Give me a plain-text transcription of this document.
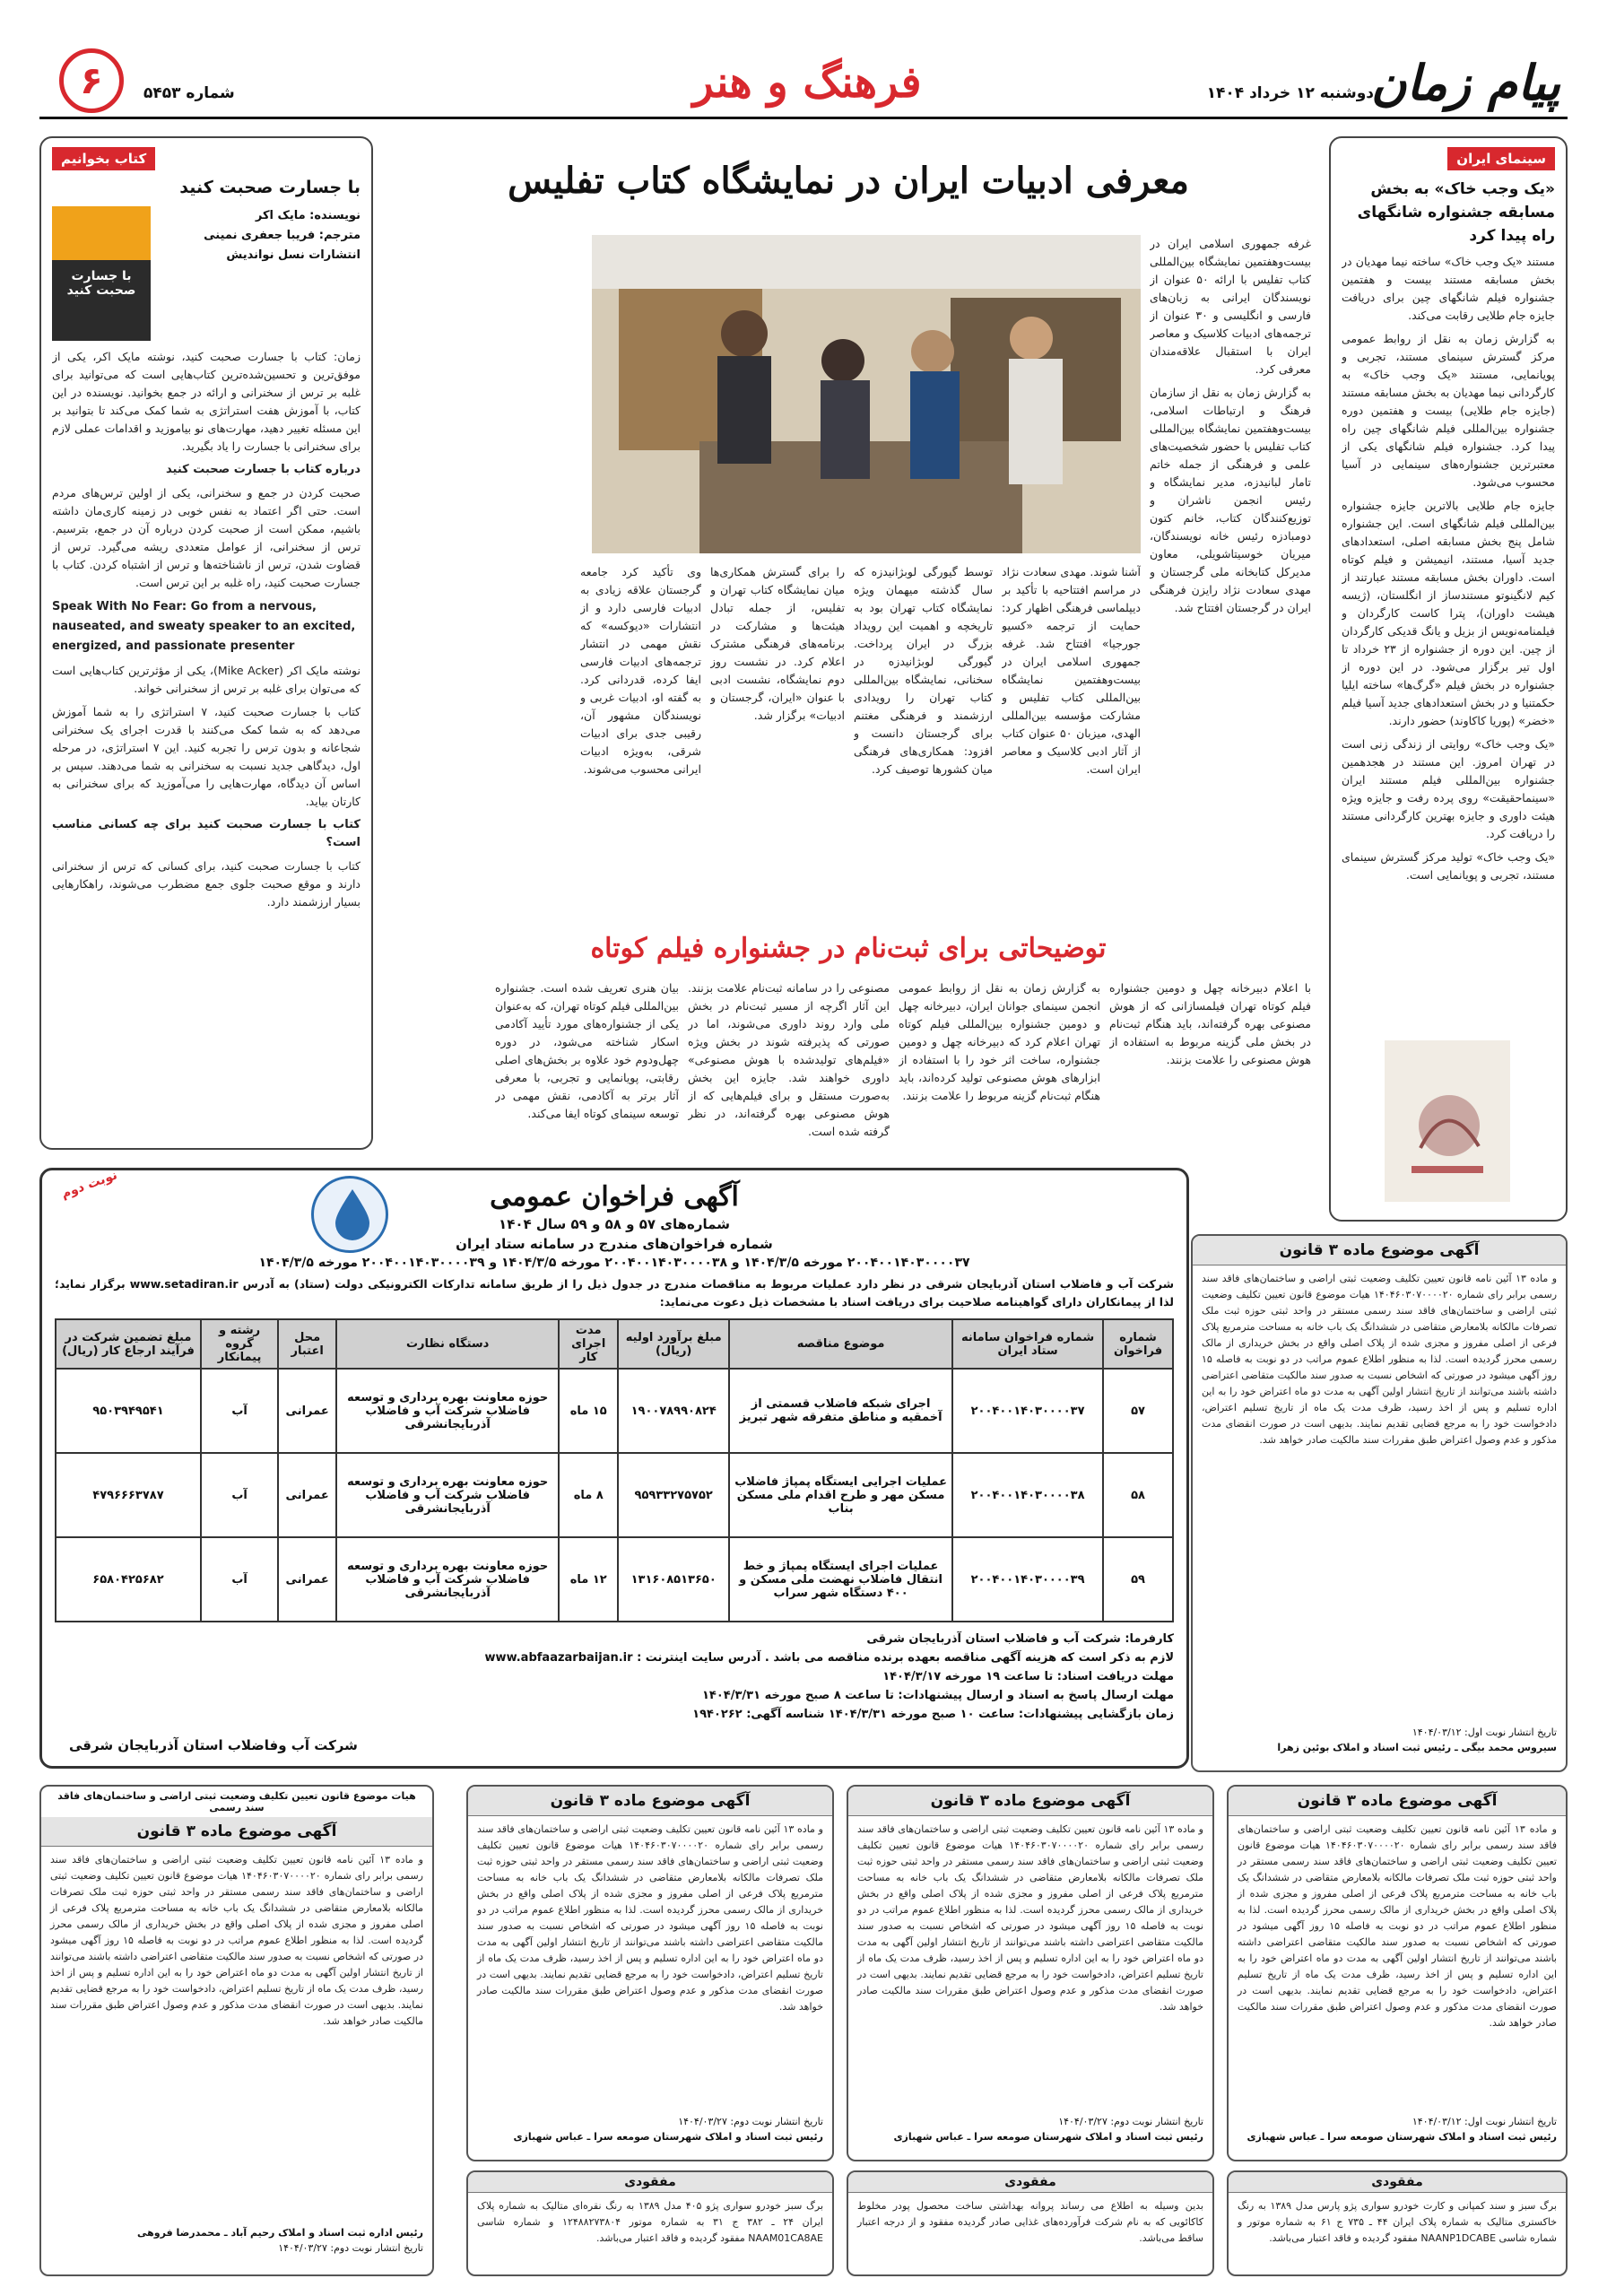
پیام زمان
دوشنبه ۱۲ خرداد ۱۴۰۴
فرهنگ و هنر
شماره ۵۴۵۳
۶
سینمای ایران
«یک وجب خاک» به بخش مسابقه جشنواره شانگهای راه پیدا کرد

مستند «یک وجب خاک» ساخته نیما مهدیان در بخش مسابقه مستند بیست و هفتمین جشنواره فیلم شانگهای چین برای دریافت جایزه جام طلایی رقابت می‌کند.

به گزارش زمان به نقل از روابط عمومی مرکز گسترش سینمای مستند، تجربی و پویانمایی، مستند «یک وجب خاک» به کارگردانی نیما مهدیان به بخش مسابقه مستند (جایزه جام طلایی) بیست و هفتمین دوره جشنواره بین‌المللی فیلم شانگهای چین راه پیدا کرد. جشنواره فیلم شانگهای یکی از معتبرترین جشنواره‌های سینمایی در آسیا محسوب می‌شود.

جایزه جام طلایی بالاترین جایزه جشنواره بین‌المللی فیلم شانگهای است. این جشنواره شامل پنج بخش مسابقه اصلی، استعدادهای جدید آسیا، مستند، انیمیشن و فیلم کوتاه است. داوران بخش مسابقه مستند عبارتند از کیم لانگینوتو مستندساز از انگلستان، (ژیسه هیشت داوران)، پترا کاست کارگردان و فیلمنامه‌نویس از بزیل و یانگ قدیکی کارگردان از چین. این دوره از جشنواره از ۲۳ خرداد تا اول تیر برگزار می‌شود. در این دوره از جشنواره در بخش فیلم «گرگ‌ها» ساخته ایلیا حکمتنیا و در بخش استعدادهای جدید آسیا فیلم «خضر» (پوریا کاکاوند) حضور دارند.

«یک وجب خاک» روایتی از زندگی زنی است در تهران امروز. این مستند در هجدهمین جشنواره بین‌المللی فیلم مستند ایران «سینماحقیقت» روی پرده رفت و جایزه ویژه هیئت داوری و جایزه بهترین کارگردانی مستند را دریافت کرد.

«یک وجب خاک» تولید مرکز گسترش سینمای مستند، تجربی و پویانمایی است.

کتاب بخوانیم
با جسارت صحبت کنید
نویسنده: مایک اکر
مترجم: فریبا جعفری نمینی
انتشارات نسل نواندیش
با جسارت صحبت کنید

زمان: کتاب با جسارت صحبت کنید، نوشته مایک اکر، یکی از موفق‌ترین و تحسین‌شده‌ترین کتاب‌هایی است که می‌توانید برای غلبه بر ترس از سخنرانی و ارائه در جمع بخوانید. نویسنده در این کتاب، با آموزش هفت استراتژی به شما کمک می‌کند تا بتوانید بر این مسئله تغییر دهید، مهارت‌های نو بیاموزید و اقدامات عملی لازم برای سخنرانی با جسارت را یاد بگیرید.

درباره کتاب با جسارت صحبت کنید

صحبت کردن در جمع و سخنرانی، یکی از اولین ترس‌های مردم است. حتی اگر اعتماد به نفس خوبی در زمینه کاری‌مان داشته باشیم، ممکن است از صحبت کردن درباره آن در جمع، بترسیم. ترس از سخنرانی، از عوامل متعددی ریشه می‌گیرد. ترس از قضاوت شدن، ترس از ناشناخته‌ها و ترس از اشتباه کردن. کتاب با جسارت صحبت کنید، راه غلبه بر این ترس است.

Speak With No Fear: Go from a nervous, nauseated, and sweaty speaker to an excited, energized, and passionate presenter

نوشته مایک اکر (Mike Acker)، یکی از مؤثرترین کتاب‌هایی است که می‌توان برای غلبه بر ترس از سخنرانی خواند.

کتاب با جسارت صحبت کنید، ۷ استراتژی را به شما آموزش می‌دهد که به شما کمک می‌کنند با قدرت اجرای یک سخنرانی شجاعانه و بدون ترس را تجربه کنید. این ۷ استراتژی، در مرحله اول، دیدگاهی جدید نسبت به سخنرانی به شما می‌دهند. سپس بر اساس آن دیدگاه، مهارت‌هایی را می‌آموزید که برای سخنرانی به کارتان بیاید.

کتاب با جسارت صحبت کنید برای چه کسانی مناسب است؟

کتاب با جسارت صحبت کنید، برای کسانی که ترس از سخنرانی دارند و موقع صحبت جلوی جمع مضطرب می‌شوند، راهکارهایی بسیار ارزشمند دارد.

معرفی ادبیات ایران در نمایشگاه کتاب تفلیس

غرفه جمهوری اسلامی ایران در بیست‌وهفتمین نمایشگاه بین‌المللی کتاب تفلیس با ارائه ۵۰ عنوان از نویسندگان ایرانی به زبان‌های فارسی و انگلیسی و ۳۰ عنوان از ترجمه‌های ادبیات کلاسیک و معاصر ایران با استقبال علاقه‌مندان معرفی کرد.

به گزارش زمان به نقل از سازمان فرهنگ و ارتباطات اسلامی، بیست‌وهفتمین نمایشگاه بین‌المللی کتاب تفلیس با حضور شخصیت‌های علمی و فرهنگی از جمله خاتم تامار لبانیدزه، مدیر نمایشگاه و رئیس انجمن ناشران و توزیع‌کنندگان کتاب، خانم کتون دومبادزه رئیس خانه نویسندگان، میریان خوسیتاشویلی، معاون مدیرکل کتابخانه ملی گرجستان و مهدی سعادت نژاد رایزن فرهنگی ایران در گرجستان افتتاح شد.

وی تأکید کرد جامعه گرجستان علاقه زیادی به ادبیات فارسی دارد و از انتشارات «دیوکسه» که نقش مهمی در انتشار ترجمه‌های ادبیات فارسی ایفا کرده، قدردانی کرد. به گفته او، ادبیات غربی و نویسندگان مشهور آن، رقیبی جدی برای ادبیات شرقی، به‌ویژه ادبیات ایرانی محسوب می‌شوند.

آشنا شوند. مهدی سعادت نژاد در مراسم افتتاحیه با تأکید بر دیپلماسی فرهنگی اظهار کرد: حمایت از ترجمه «کسیو جورجیا» افتتاح شد. غرفه جمهوری اسلامی ایران در بیست‌وهفتمین نمایشگاه بین‌المللی کتاب تفلیس و مشارکت مؤسسه بین‌المللی الهدی، میزبان ۵۰ عنوان کتاب از آثار ادبی کلاسیک و معاصر ایران است.

توسط گیورگی لوبژانیدزه که سال گذشته میهمان ویژه نمایشگاه کتاب تهران بود به تاریخچه و اهمیت این رویداد بزرگ در ایران پرداخت. گیورگی لوبژانیدزه در سخنانی، نمایشگاه بین‌المللی کتاب تهران را رویدادی ارزشمند و فرهنگی مغتنم برای گرجستان دانست و افزود: همکاری‌های فرهنگی میان کشورها توصیف کرد.

را برای گسترش همکاری‌ها میان نمایشگاه کتاب تهران و تفلیس، از جمله تبادل هیئت‌ها و مشارکت در برنامه‌های فرهنگی مشترک اعلام کرد. در نشست روز دوم نمایشگاه، نشست ادبی با عنوان «ایران، گرجستان و ادبیات» برگزار شد.

توضیحاتی برای ثبت‌نام در جشنواره فیلم کوتاه

با اعلام دبیرخانه چهل و دومین جشنواره فیلم کوتاه تهران فیلمسازانی که از هوش مصنوعی بهره گرفته‌اند، باید هنگام ثبت‌نام در بخش ملی گزینه مربوط به استفاده از هوش مصنوعی را علامت بزنند.

به گزارش زمان به نقل از روابط عمومی انجمن سینمای جوانان ایران، دبیرخانه چهل و دومین جشنواره بین‌المللی فیلم کوتاه تهران اعلام کرد که دبیرخانه چهل و دومین جشنواره، ساخت اثر خود را با استفاده از ابزارهای هوش مصنوعی تولید کرده‌اند، باید هنگام ثبت‌نام گزینه مربوط را علامت بزنند.

مصنوعی را در سامانه ثبت‌نام علامت بزنند. این آثار اگرچه از مسیر ثبت‌نام در بخش ملی وارد روند داوری می‌شوند، اما در صورتی که پذیرفته شوند در بخش ویژه «فیلم‌های تولیدشده با هوش مصنوعی» داوری خواهند شد. جایزه این بخش به‌صورت مستقل و برای فیلم‌هایی که از هوش مصنوعی بهره گرفته‌اند، در نظر گرفته شده است.

بیان هنری تعریف شده است. جشنواره بین‌المللی فیلم کوتاه تهران، که به‌عنوان یکی از جشنواره‌های مورد تأیید آکادمی اسکار شناخته می‌شود، در دوره چهل‌ودوم خود علاوه بر بخش‌های اصلی رقابتی، پویانمایی و تجربی، با معرفی آثار برتر به آکادمی، نقش مهمی در توسعه سینمای کوتاه ایفا می‌کند.

نوبت دوم	آگهی فراخوان عمومی
شماره‌های ۵۷ و ۵۸ و ۵۹ سال ۱۴۰۴
شماره فراخوان‌های مندرج در سامانه ستاد ایران
۲۰۰۴۰۰۱۴۰۳۰۰۰۰۳۷ مورخه ۱۴۰۴/۳/۵ و ۲۰۰۴۰۰۱۴۰۳۰۰۰۰۳۸ مورخه ۱۴۰۴/۳/۵ و ۲۰۰۴۰۰۱۴۰۳۰۰۰۰۳۹ مورخه ۱۴۰۴/۳/۵
شرکت آب و فاضلاب استان آذربایجان شرقی در نظر دارد عملیات مربوط به مناقصات مندرج در جدول ذیل را از طریق سامانه تدارکات الکترونیکی دولت (ستاد) به آدرس www.setadiran.ir برگزار نماید؛ لذا از پیمانکاران دارای گواهینامه صلاحیت برای دریافت اسناد با مشخصات ذیل دعوت می‌نماید:
شماره فراخوان	شماره فراخوان سامانه ستاد ایران	موضوع مناقصه	مبلغ برآورد اولیه (ریال)	مدت اجرای کار	دستگاه نظارت	محل اعتبار	رشته و گروه پیمانکار	مبلغ تضمین شرکت در فرآیند ارجاع کار (ریال)
۵۷	۲۰۰۴۰۰۱۴۰۳۰۰۰۰۳۷	اجرای شبکه فاضلاب قسمتی از آخمقیه و مناطق متفرقه شهر تبریز	۱۹۰۰۷۸۹۹۰۸۲۴	۱۵ ماه	حوزه معاونت بهره برداری و توسعه فاضلاب شرکت آب و فاضلاب آذربایجانشرقی	عمرانی	آب	۹۵۰۳۹۴۹۵۴۱
۵۸	۲۰۰۴۰۰۱۴۰۳۰۰۰۰۳۸	عملیات اجرایی ایستگاه پمپاژ فاضلاب مسکن مهر و طرح اقدام ملی مسکن بناب	۹۵۹۳۳۲۷۵۷۵۲	۸ ماه	حوزه معاونت بهره برداری و توسعه فاضلاب شرکت آب و فاضلاب آذربایجانشرقی	عمرانی	آب	۴۷۹۶۶۶۳۷۸۷
۵۹	۲۰۰۴۰۰۱۴۰۳۰۰۰۰۳۹	عملیات اجرای ایستگاه پمپاژ و خط انتقال فاضلاب نهضت ملی مسکن و ۴۰۰ دستگاه شهر سراب	۱۳۱۶۰۸۵۱۳۶۵۰	۱۲ ماه	حوزه معاونت بهره برداری و توسعه فاضلاب شرکت آب و فاضلاب آذربایجانشرقی	عمرانی	آب	۶۵۸۰۴۲۵۶۸۲
کارفرما: شرکت آب و فاضلاب استان آذربایجان شرقی
لازم به ذکر است که هزینه آگهی مناقصه بعهده برنده مناقصه می باشد . آدرس سایت اینترنت : www.abfaazarbaijan.ir
مهلت دریافت اسناد: تا ساعت ۱۹ مورخه ۱۴۰۴/۳/۱۷
مهلت ارسال پاسخ به اسناد و ارسال پیشنهادات: تا ساعت ۸ صبح مورخه ۱۴۰۴/۳/۳۱
زمان بازگشایی پیشنهادات: ساعت ۱۰ صبح مورخه ۱۴۰۴/۳/۳۱ شناسه آگهی: ۱۹۴۰۲۶۲
شرکت آب وفاضلاب استان آذربایجان شرقی
آگهی موضوع ماده ۳ قانون
و ماده ۱۳ آئین نامه قانون تعیین تکلیف وضعیت ثبتی اراضی و ساختمان‌های فاقد سند رسمی برابر رای شماره ۱۴۰۴۶۰۳۰۷۰۰۰۰۲۰ هیات موضوع قانون تعیین تکلیف وضعیت ثبتی اراضی و ساختمان‌های فاقد سند رسمی مستقر در واحد ثبتی حوزه ثبت ملک تصرفات مالکانه بلامعارض متقاضی در ششدانگ یک باب خانه به مساحت مترمربع پلاک فرعی از اصلی مفروز و مجزی شده از پلاک اصلی واقع در بخش خریداری از مالک رسمی محرز گردیده است. لذا به منظور اطلاع عموم مراتب در دو نوبت به فاصله ۱۵ روز آگهی میشود در صورتی که اشخاص نسبت به صدور سند مالکیت متقاضی اعتراضی داشته باشند می‌توانند از تاریخ انتشار اولین آگهی به مدت دو ماه اعتراض خود را به این اداره تسلیم و پس از اخذ رسید، ظرف مدت یک ماه از تاریخ تسلیم اعتراض، دادخواست خود را به مرجع قضایی تقدیم نمایند. بدیهی است در صورت انقضای مدت مذکور و عدم وصول اعتراض طبق مقررات سند مالکیت صادر خواهد شد.
تاریخ انتشار نوبت اول: ۱۴۰۴/۰۳/۱۲
سیروس محمد بیگی ـ رئیس ثبت اسناد و املاک بوئین زهرا
آگهی موضوع ماده ۳ قانون
و ماده ۱۳ آئین نامه قانون تعیین تکلیف وضعیت ثبتی اراضی و ساختمان‌های فاقد سند رسمی برابر رای شماره ۱۴۰۴۶۰۳۰۷۰۰۰۰۲۰ هیات موضوع قانون تعیین تکلیف وضعیت ثبتی اراضی و ساختمان‌های فاقد سند رسمی مستقر در واحد ثبتی حوزه ثبت ملک تصرفات مالکانه بلامعارض متقاضی در ششدانگ یک باب خانه به مساحت مترمربع پلاک فرعی از اصلی مفروز و مجزی شده از پلاک اصلی واقع در بخش خریداری از مالک رسمی محرز گردیده است. لذا به منظور اطلاع عموم مراتب در دو نوبت به فاصله ۱۵ روز آگهی میشود در صورتی که اشخاص نسبت به صدور سند مالکیت متقاضی اعتراضی داشته باشند می‌توانند از تاریخ انتشار اولین آگهی به مدت دو ماه اعتراض خود را به این اداره تسلیم و پس از اخذ رسید، ظرف مدت یک ماه از تاریخ تسلیم اعتراض، دادخواست خود را به مرجع قضایی تقدیم نمایند. بدیهی است در صورت انقضای مدت مذکور و عدم وصول اعتراض طبق مقررات سند مالکیت صادر خواهد شد.
تاریخ انتشار نوبت اول: ۱۴۰۴/۰۳/۱۲
رئیس ثبت اسناد و املاک شهرستان صومعه سرا ـ عباس شهبازی
مفقودی
برگ سبز و سند کمپانی و کارت خودرو سواری پژو پارس مدل ۱۳۸۹ به رنگ خاکستری متالیک به شماره پلاک ایران ۴۴ ـ ۷۳۵ ج ۶۱ به شماره موتور و شماره شاسی NAANP1DCABE مفقود گردیده و فاقد اعتبار می‌باشد.
آگهی موضوع ماده ۳ قانون
و ماده ۱۳ آئین نامه قانون تعیین تکلیف وضعیت ثبتی اراضی و ساختمان‌های فاقد سند رسمی برابر رای شماره ۱۴۰۴۶۰۳۰۷۰۰۰۰۲۰ هیات موضوع قانون تعیین تکلیف وضعیت ثبتی اراضی و ساختمان‌های فاقد سند رسمی مستقر در واحد ثبتی حوزه ثبت ملک تصرفات مالکانه بلامعارض متقاضی در ششدانگ یک باب خانه به مساحت مترمربع پلاک فرعی از اصلی مفروز و مجزی شده از پلاک اصلی واقع در بخش خریداری از مالک رسمی محرز گردیده است. لذا به منظور اطلاع عموم مراتب در دو نوبت به فاصله ۱۵ روز آگهی میشود در صورتی که اشخاص نسبت به صدور سند مالکیت متقاضی اعتراضی داشته باشند می‌توانند از تاریخ انتشار اولین آگهی به مدت دو ماه اعتراض خود را به این اداره تسلیم و پس از اخذ رسید، ظرف مدت یک ماه از تاریخ تسلیم اعتراض، دادخواست خود را به مرجع قضایی تقدیم نمایند. بدیهی است در صورت انقضای مدت مذکور و عدم وصول اعتراض طبق مقررات سند مالکیت صادر خواهد شد.
تاریخ انتشار نوبت دوم: ۱۴۰۴/۰۳/۲۷
رئیس ثبت اسناد و املاک شهرستان صومعه سرا ـ عباس شهبازی
مفقودی
بدین وسیله به اطلاع می رساند پروانه بهداشتی ساخت محصول پودر مخلوط کاکائویی که به نام شرکت فرآورده‌های غذایی صادر گردیده مفقود و از درجه اعتبار ساقط می‌باشد.
آگهی موضوع ماده ۳ قانون
و ماده ۱۳ آئین نامه قانون تعیین تکلیف وضعیت ثبتی اراضی و ساختمان‌های فاقد سند رسمی برابر رای شماره ۱۴۰۴۶۰۳۰۷۰۰۰۰۲۰ هیات موضوع قانون تعیین تکلیف وضعیت ثبتی اراضی و ساختمان‌های فاقد سند رسمی مستقر در واحد ثبتی حوزه ثبت ملک تصرفات مالکانه بلامعارض متقاضی در ششدانگ یک باب خانه به مساحت مترمربع پلاک فرعی از اصلی مفروز و مجزی شده از پلاک اصلی واقع در بخش خریداری از مالک رسمی محرز گردیده است. لذا به منظور اطلاع عموم مراتب در دو نوبت به فاصله ۱۵ روز آگهی میشود در صورتی که اشخاص نسبت به صدور سند مالکیت متقاضی اعتراضی داشته باشند می‌توانند از تاریخ انتشار اولین آگهی به مدت دو ماه اعتراض خود را به این اداره تسلیم و پس از اخذ رسید، ظرف مدت یک ماه از تاریخ تسلیم اعتراض، دادخواست خود را به مرجع قضایی تقدیم نمایند. بدیهی است در صورت انقضای مدت مذکور و عدم وصول اعتراض طبق مقررات سند مالکیت صادر خواهد شد.
تاریخ انتشار نوبت دوم: ۱۴۰۴/۰۳/۲۷
رئیس ثبت اسناد و املاک شهرستان صومعه سرا ـ عباس شهبازی
مفقودی
برگ سبز خودرو سواری پژو ۴۰۵ مدل ۱۳۸۹ به رنگ نقره‌ای متالیک به شماره پلاک ایران ۲۴ ـ ۳۸۲ ج ۳۱ به شماره موتور ۱۲۴۸۸۲۷۳۸۰۴ و شماره شاسی NAAM01CA8AE مفقود گردیده و فاقد اعتبار می‌باشد.
هیات موضوع قانون تعیین تکلیف وضعیت ثبتی اراضی و ساختمان‌های فاقد سند رسمی
آگهی موضوع ماده ۳ قانون
و ماده ۱۳ آئین نامه قانون تعیین تکلیف وضعیت ثبتی اراضی و ساختمان‌های فاقد سند رسمی برابر رای شماره ۱۴۰۴۶۰۳۰۷۰۰۰۰۲۰ هیات موضوع قانون تعیین تکلیف وضعیت ثبتی اراضی و ساختمان‌های فاقد سند رسمی مستقر در واحد ثبتی حوزه ثبت ملک تصرفات مالکانه بلامعارض متقاضی در ششدانگ یک باب خانه به مساحت مترمربع پلاک فرعی از اصلی مفروز و مجزی شده از پلاک اصلی واقع در بخش خریداری از مالک رسمی محرز گردیده است. لذا به منظور اطلاع عموم مراتب در دو نوبت به فاصله ۱۵ روز آگهی میشود در صورتی که اشخاص نسبت به صدور سند مالکیت متقاضی اعتراضی داشته باشند می‌توانند از تاریخ انتشار اولین آگهی به مدت دو ماه اعتراض خود را به این اداره تسلیم و پس از اخذ رسید، ظرف مدت یک ماه از تاریخ تسلیم اعتراض، دادخواست خود را به مرجع قضایی تقدیم نمایند. بدیهی است در صورت انقضای مدت مذکور و عدم وصول اعتراض طبق مقررات سند مالکیت صادر خواهد شد.
رئیس اداره ثبت اسناد و املاک رحیم آباد ـ محمدرضا فروهی
تاریخ انتشار نوبت دوم: ۱۴۰۴/۰۳/۲۷
